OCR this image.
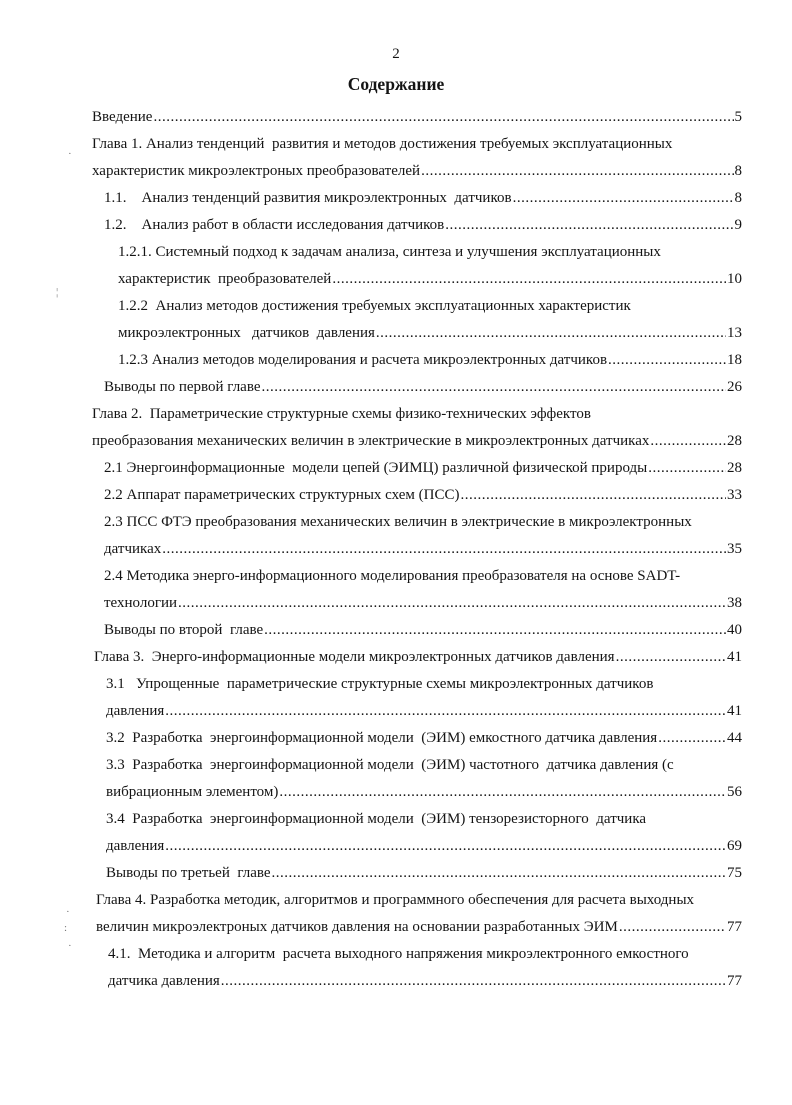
2
Содержание
Введение .....	5
Глава 1. Анализ тенденций  развития и методов достижения требуемых эксплуатационных
характеристик микроэлектроных преобразователей .....	8
1.1.    Анализ тенденций развития микроэлектронных  датчиков .....	8
1.2.    Анализ работ в области исследования датчиков .....	9
1.2.1. Системный подход к задачам анализа, синтеза и улучшения эксплуатационных
характеристик  преобразователей .....	10
1.2.2  Анализ методов достижения требуемых эксплуатационных характеристик
микроэлектронных   датчиков  давления .....	13
1.2.3 Анализ методов моделирования и расчета микроэлектронных датчиков .....	18
Выводы по первой главе .....	26
Глава 2.  Параметрические структурные схемы физико-технических эффектов
преобразования механических величин в электрические в микроэлектронных датчиках .....	28
2.1 Энергоинформационные  модели цепей (ЭИМЦ) различной физической природы .....	28
2.2 Аппарат параметрических структурных схем (ПСС) .....	33
2.3 ПСС ФТЭ преобразования механических величин в электрические в микроэлектронных
датчиках .....	35
2.4 Методика энерго-информационного моделирования преобразователя на основе SADT-
технологии .....	38
Выводы по второй  главе .....	40
Глава 3.  Энерго-информационные модели микроэлектронных датчиков давления .....	41
3.1   Упрощенные  параметрические структурные схемы микроэлектронных датчиков
давления .....	41
3.2  Разработка  энергоинформационной модели  (ЭИМ) емкостного датчика давления .....	44
3.3  Разработка  энергоинформационной модели  (ЭИМ) частотного  датчика давления (с
вибрационным элементом) .....	56
3.4  Разработка  энергоинформационной модели  (ЭИМ) тензорезисторного  датчика
давления .....	69
Выводы по третьей  главе .....	75
Глава 4. Разработка методик, алгоритмов и программного обеспечения для расчета выходных
величин микроэлектроных датчиков давления на основании разработанных ЭИМ .....	77
4.1.  Методика и алгоритм  расчета выходного напряжения микроэлектронного емкостного
датчика давления .....	77
¦
·
·
:
·
